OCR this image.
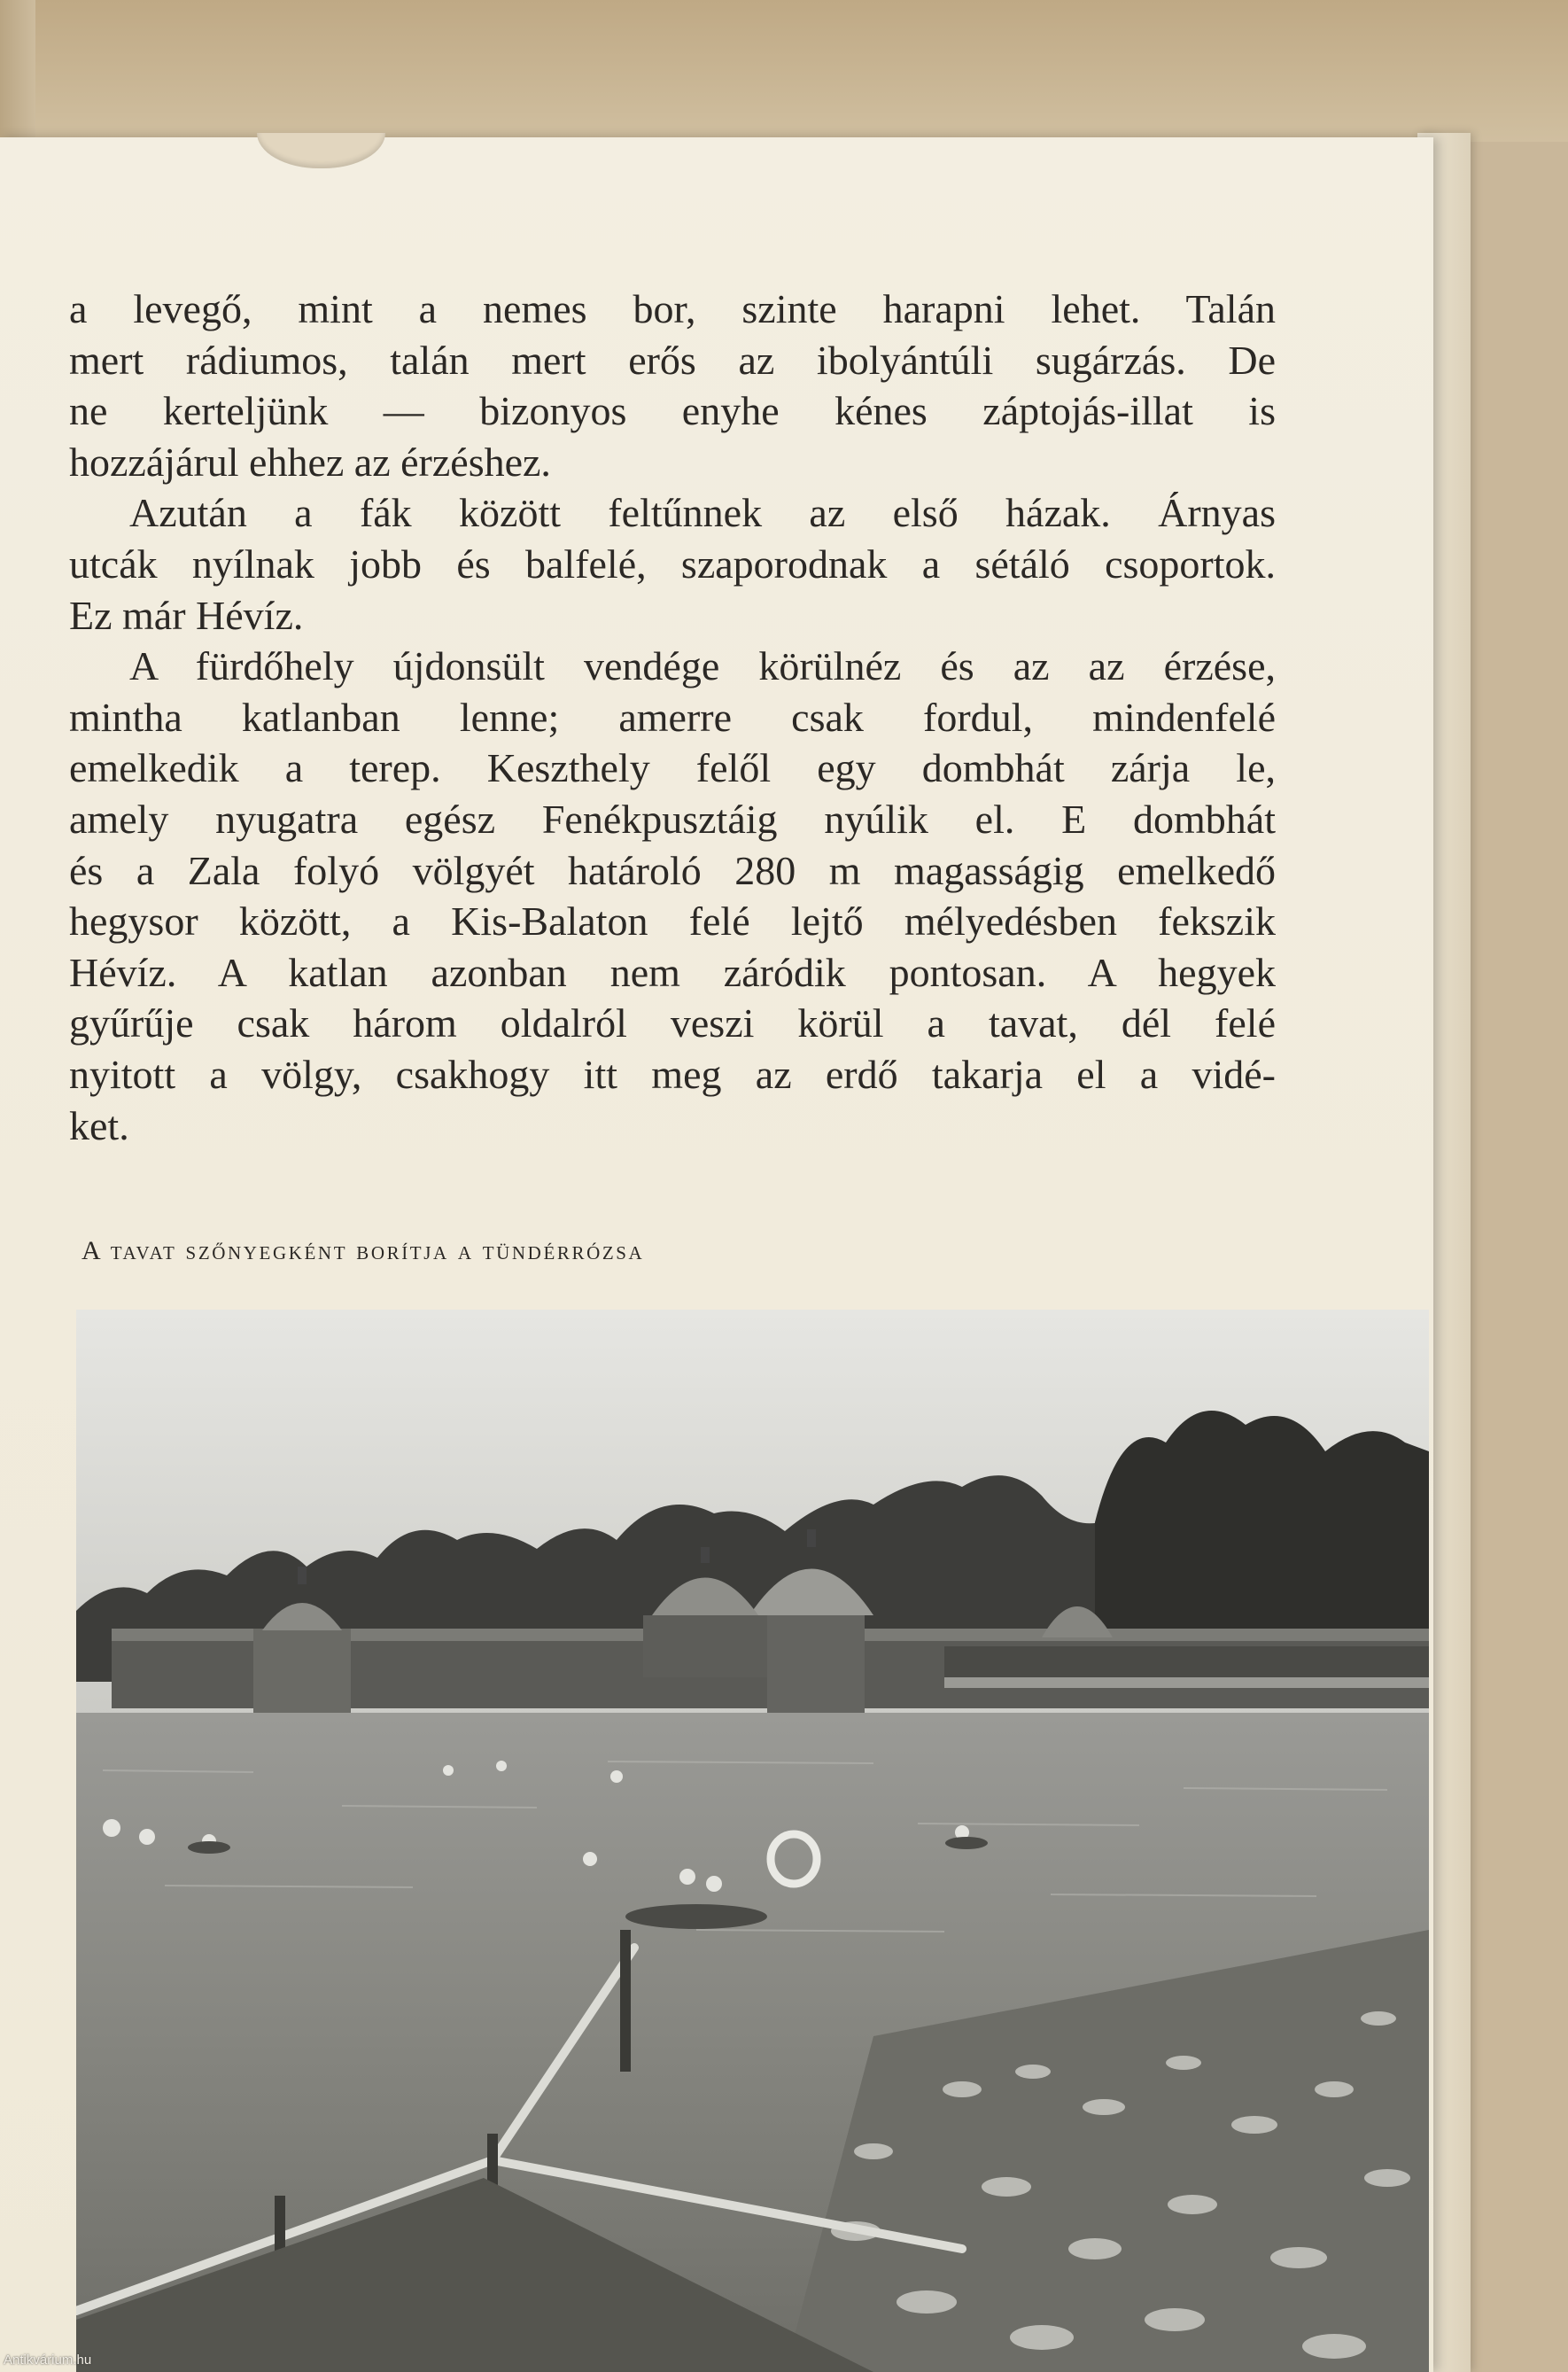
a levegő, mint a nemes bor, szinte harapni lehet. Talán
mert rádiumos, talán mert erős az ibolyántúli sugárzás. De
ne kerteljünk — bizonyos enyhe kénes záptojás-illat is
hozzájárul ehhez az érzéshez.
Azután a fák között feltűnnek az első házak. Árnyas
utcák nyílnak jobb és balfelé, szaporodnak a sétáló csoportok.
Ez már Hévíz.
A fürdőhely újdonsült vendége körülnéz és az az érzése,
mintha katlanban lenne; amerre csak fordul, mindenfelé
emelkedik a terep. Keszthely felől egy dombhát zárja le,
amely nyugatra egész Fenékpusztáig nyúlik el. E dombhát
és a Zala folyó völgyét határoló 280 m magasságig emelkedő
hegysor között, a Kis-Balaton felé lejtő mélyedésben fekszik
Hévíz. A katlan azonban nem záródik pontosan. A hegyek
gyűrűje csak három oldalról veszi körül a tavat, dél felé
nyitott a völgy, csakhogy itt meg az erdő takarja el a vidé-
ket.
A tavat szőnyegként borítja a tündérrózsa
Antikvárium.hu
